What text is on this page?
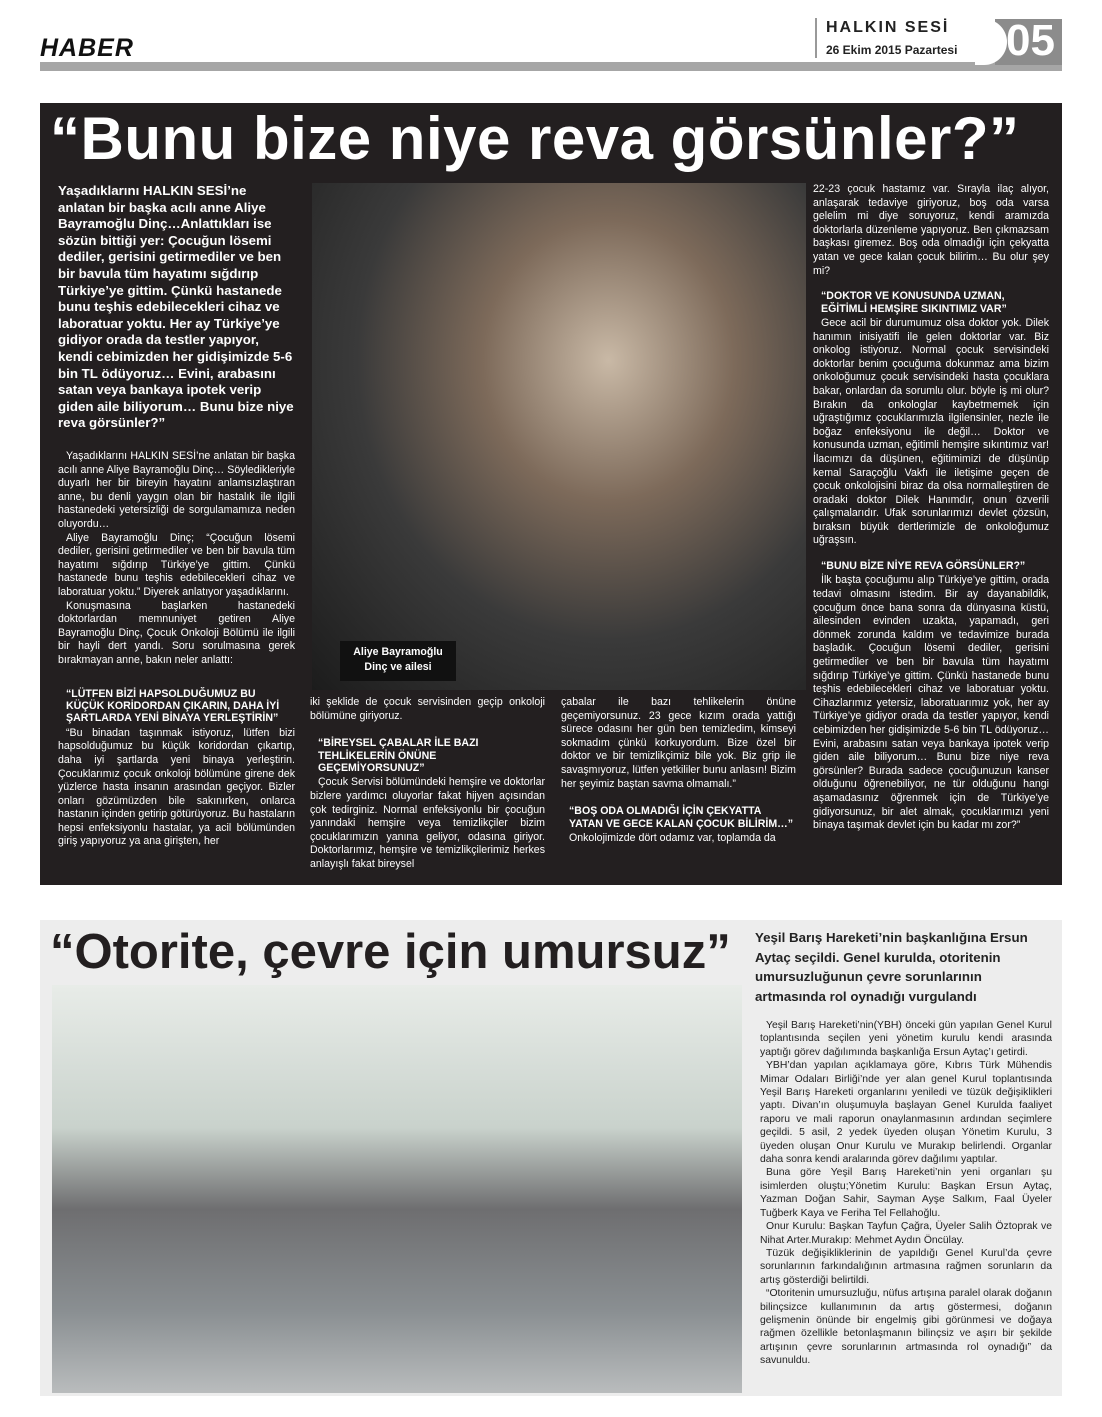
HABER	05
HALKIN SESİ
26 Ekim 2015 Pazartesi
“Bunu bize niye reva görsünler?”
Yaşadıklarını HALKIN SESİ’ne anlatan bir başka acılı anne Aliye Bayramoğlu Dinç…Anlattıkları ise sözün bittiği yer: Çocuğun lösemi dediler, gerisini getirmediler ve ben bir bavula tüm hayatımı sığdırıp Türkiye’ye gittim. Çünkü hastanede bunu teşhis edebilecekleri cihaz ve laboratuar yoktu. Her ay Türkiye’ye gidiyor orada da testler yapıyor, kendi cebimizden her gidişimizde 5-6 bin TL ödüyoruz… Evini, arabasını satan veya bankaya ipotek verip giden aile biliyorum… Bunu bize niye reva görsünler?”

Yaşadıklarını HALKIN SESİ’ne anlatan bir başka acılı anne Aliye Bayramoğlu Dinç… Söyledikleriyle duyarlı her bir bireyin hayatını anlamsızlaştıran anne, bu denli yaygın olan bir hastalık ile ilgili hastanedeki yetersizliği de sorgulamamıza neden oluyordu…

Aliye Bayramoğlu Dinç; “Çocuğun lösemi dediler, gerisini getirmediler ve ben bir bavula tüm hayatımı sığdırıp Türkiye’ye gittim. Çünkü hastanede bunu teşhis edebilecekleri cihaz ve laboratuar yoktu.” Diyerek anlatıyor yaşadıklarını.

Konuşmasına başlarken hastanedeki doktorlardan memnuniyet getiren Aliye Bayramoğlu Dinç, Çocuk Onkoloji Bölümü ile ilgili bir hayli dert yandı. Soru sorulmasına gerek bırakmayan anne, bakın neler anlattı:

“LÜTFEN BİZİ HAPSOLDUĞUMUZ BU KÜÇÜK KORİDORDAN ÇIKARIN, DAHA İYİ ŞARTLARDA YENİ BİNAYA YERLEŞTİRİN”

“Bu binadan taşınmak istiyoruz, lütfen bizi hapsolduğumuz bu küçük koridordan çıkartıp, daha iyi şartlarda yeni binaya yerleştirin. Çocuklarımız çocuk onkoloji bölümüne girene dek yüzlerce hasta insanın arasından geçiyor. Bizler onları gözümüzden bile sakınırken, onlarca hastanın içinden getirip götürüyoruz. Bu hastaların hepsi enfeksiyonlu hastalar, ya acil bölümünden giriş yapıyoruz ya ana girişten, her

Aliye Bayramoğlu
Dinç ve ailesi

iki şeklide de çocuk servisinden geçip onkoloji bölümüne giriyoruz.

“BİREYSEL ÇABALAR İLE BAZI TEHLİKELERİN ÖNÜNE GEÇEMİYORSUNUZ”

Çocuk Servisi bölümündeki hemşire ve doktorlar bizlere yardımcı oluyorlar fakat hijyen açısından çok tedirginiz. Normal enfeksiyonlu bir çocuğun yanındaki hemşire veya temizlikçiler bizim çocuklarımızın yanına geliyor, odasına giriyor. Doktorlarımız, hemşire ve temizlikçilerimiz herkes anlayışlı fakat bireysel

çabalar ile bazı tehlikelerin önüne geçemiyorsunuz. 23 gece kızım orada yattığı sürece odasını her gün ben temizledim, kimseyi sokmadım çünkü korkuyordum. Bize özel bir doktor ve bir temizlikçimiz bile yok. Biz grip ile savaşmıyoruz, lütfen yetkililer bunu anlasın! Bizim her şeyimiz baştan savma olmamalı.”

“BOŞ ODA OLMADIĞI İÇİN ÇEKYATTA YATAN VE GECE KALAN ÇOCUK BİLİRİM…”

Onkolojimizde dört odamız var, toplamda da

22-23 çocuk hastamız var. Sırayla ilaç alıyor, anlaşarak tedaviye giriyoruz, boş oda varsa gelelim mi diye soruyoruz, kendi aramızda doktorlarla düzenleme yapıyoruz. Ben çıkmazsam başkası giremez. Boş oda olmadığı için çekyatta yatan ve gece kalan çocuk bilirim… Bu olur şey mi?

“DOKTOR VE KONUSUNDA UZMAN, EĞİTİMLİ HEMŞİRE SIKINTIMIZ VAR”

Gece acil bir durumumuz olsa doktor yok. Dilek hanımın inisiyatifi ile gelen doktorlar var. Biz onkolog istiyoruz. Normal çocuk servisindeki doktorlar benim çocuğuma dokunmaz ama bizim onkoloğumuz çocuk servisindeki hasta çocuklara bakar, onlardan da sorumlu olur. böyle iş mi olur? Bırakın da onkologlar kaybetmemek için uğraştığımız çocuklarımızla ilgilensinler, nezle ile boğaz enfeksiyonu ile değil… Doktor ve konusunda uzman, eğitimli hemşire sıkıntımız var! İlacımızı da düşünen, eğitimimizi de düşünüp kemal Saraçoğlu Vakfı ile iletişime geçen de çocuk onkolojisini biraz da olsa normalleştiren de oradaki doktor Dilek Hanımdır, onun özverili çalışmalarıdır. Ufak sorunlarımızı devlet çözsün, bıraksın büyük dertlerimizle de onkoloğumuz uğraşsın.

“BUNU BİZE NİYE REVA GÖRSÜNLER?”

İlk başta çocuğumu alıp Türkiye’ye gittim, orada tedavi olmasını istedim. Bir ay dayanabildik, çocuğum önce bana sonra da dünyasına küstü, ailesinden evinden uzakta, yapamadı, geri dönmek zorunda kaldım ve tedavimize burada başladık. Çocuğun lösemi dediler, gerisini getirmediler ve ben bir bavula tüm hayatımı sığdırıp Türkiye’ye gittim. Çünkü hastanede bunu teşhis edebilecekleri cihaz ve laboratuar yoktu. Cihazlarımız yetersiz, laboratuarımız yok, her ay Türkiye’ye gidiyor orada da testler yapıyor, kendi cebimizden her gidişimizde 5-6 bin TL ödüyoruz… Evini, arabasını satan veya bankaya ipotek verip giden aile biliyorum… Bunu bize niye reva görsünler? Burada sadece çocuğunuzun kanser olduğunu öğrenebiliyor, ne tür olduğunu hangi aşamadasınız öğrenmek için de Türkiye’ye gidiyorsunuz, bir alet almak, çocuklarımızı yeni binaya taşımak devlet için bu kadar mı zor?”

“Otorite, çevre için umursuz” Yeşil Barış Hareketi’nin başkanlığına Ersun Aytaç seçildi. Genel kurulda, otoritenin umursuzluğunun çevre sorunlarının artmasında rol oynadığı vurgulandı

Yeşil Barış Hareketi’nin(YBH) önceki gün yapılan Genel Kurul toplantısında seçilen yeni yönetim kurulu kendi arasında yaptığı görev dağılımında başkanlığa Ersun Aytaç’ı getirdi.

YBH’dan yapılan açıklamaya göre, Kıbrıs Türk Mühendis Mimar Odaları Birliği’nde yer alan genel Kurul toplantısında Yeşil Barış Hareketi organlarını yeniledi ve tüzük değişiklikleri yaptı. Divan’ın oluşumuyla başlayan Genel Kurulda faaliyet raporu ve mali raporun onaylanmasının ardından seçimlere geçildi. 5 asil, 2 yedek üyeden oluşan Yönetim Kurulu, 3 üyeden oluşan Onur Kurulu ve Murakıp belirlendi. Organlar daha sonra kendi aralarında görev dağılımı yaptılar.

Buna göre Yeşil Barış Hareketi’nin yeni organları şu isimlerden oluştu;Yönetim Kurulu: Başkan Ersun Aytaç, Yazman Doğan Sahir, Sayman Ayşe Salkım, Faal Üyeler Tuğberk Kaya ve Feriha Tel Fellahoğlu.

Onur Kurulu: Başkan Tayfun Çağra, Üyeler Salih Öztoprak ve Nihat Arter.Murakıp: Mehmet Aydın Öncülay.

Tüzük değişikliklerinin de yapıldığı Genel Kurul’da çevre sorunlarının farkındalığının artmasına rağmen sorunların da artış gösterdiği belirtildi.

“Otoritenin umursuzluğu, nüfus artışına paralel olarak doğanın bilinçsizce kullanımının da artış göstermesi, doğanın gelişmenin önünde bir engelmiş gibi görünmesi ve doğaya rağmen özellikle betonlaşmanın bilinçsiz ve aşırı bir şekilde artışının çevre sorunlarının artmasında rol oynadığı” da savunuldu.
